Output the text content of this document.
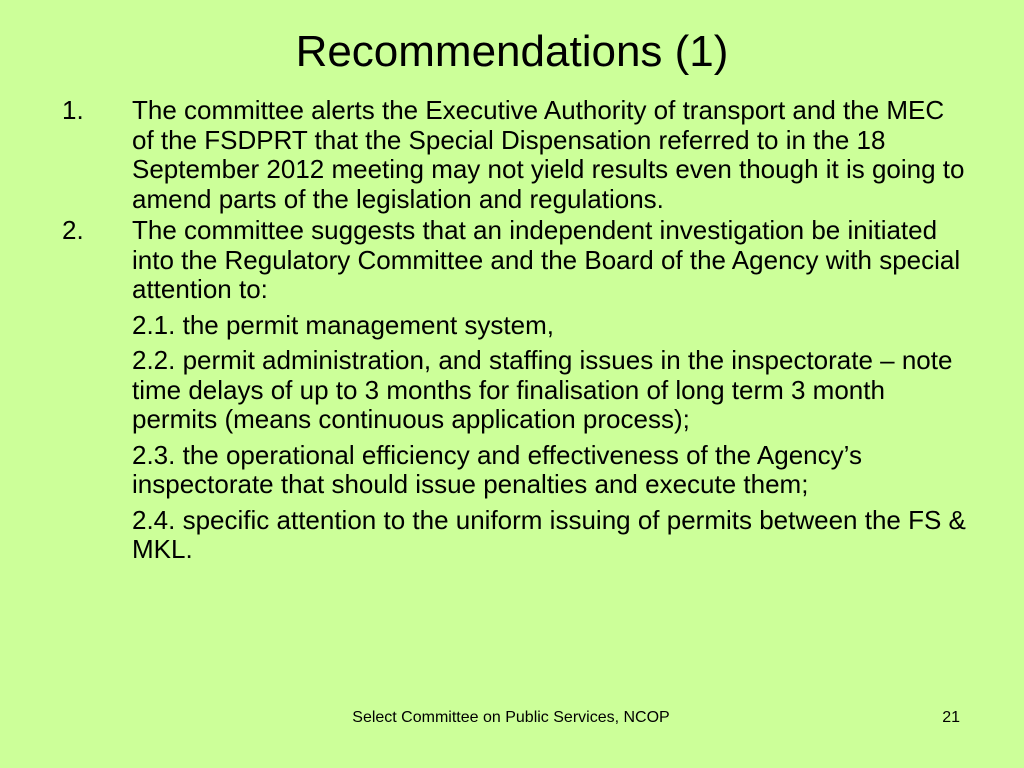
Recommendations (1)
1. The committee alerts the Executive Authority of transport and the MEC of the FSDPRT that the Special Dispensation referred to in the 18 September 2012 meeting may not yield results even though it is going to amend parts of the legislation and regulations.
2. The committee suggests that an independent investigation be initiated into the Regulatory Committee and the Board of the Agency with special attention to:
2.1. the permit management system,
2.2. permit administration, and staffing issues in the inspectorate – note time delays of up to 3 months for finalisation of long term 3 month permits (means continuous application process);
2.3. the operational efficiency and effectiveness of the Agency’s inspectorate that should issue penalties and execute them;
2.4. specific attention to the uniform issuing of permits between the FS & MKL.
Select Committee on Public Services, NCOP	21
